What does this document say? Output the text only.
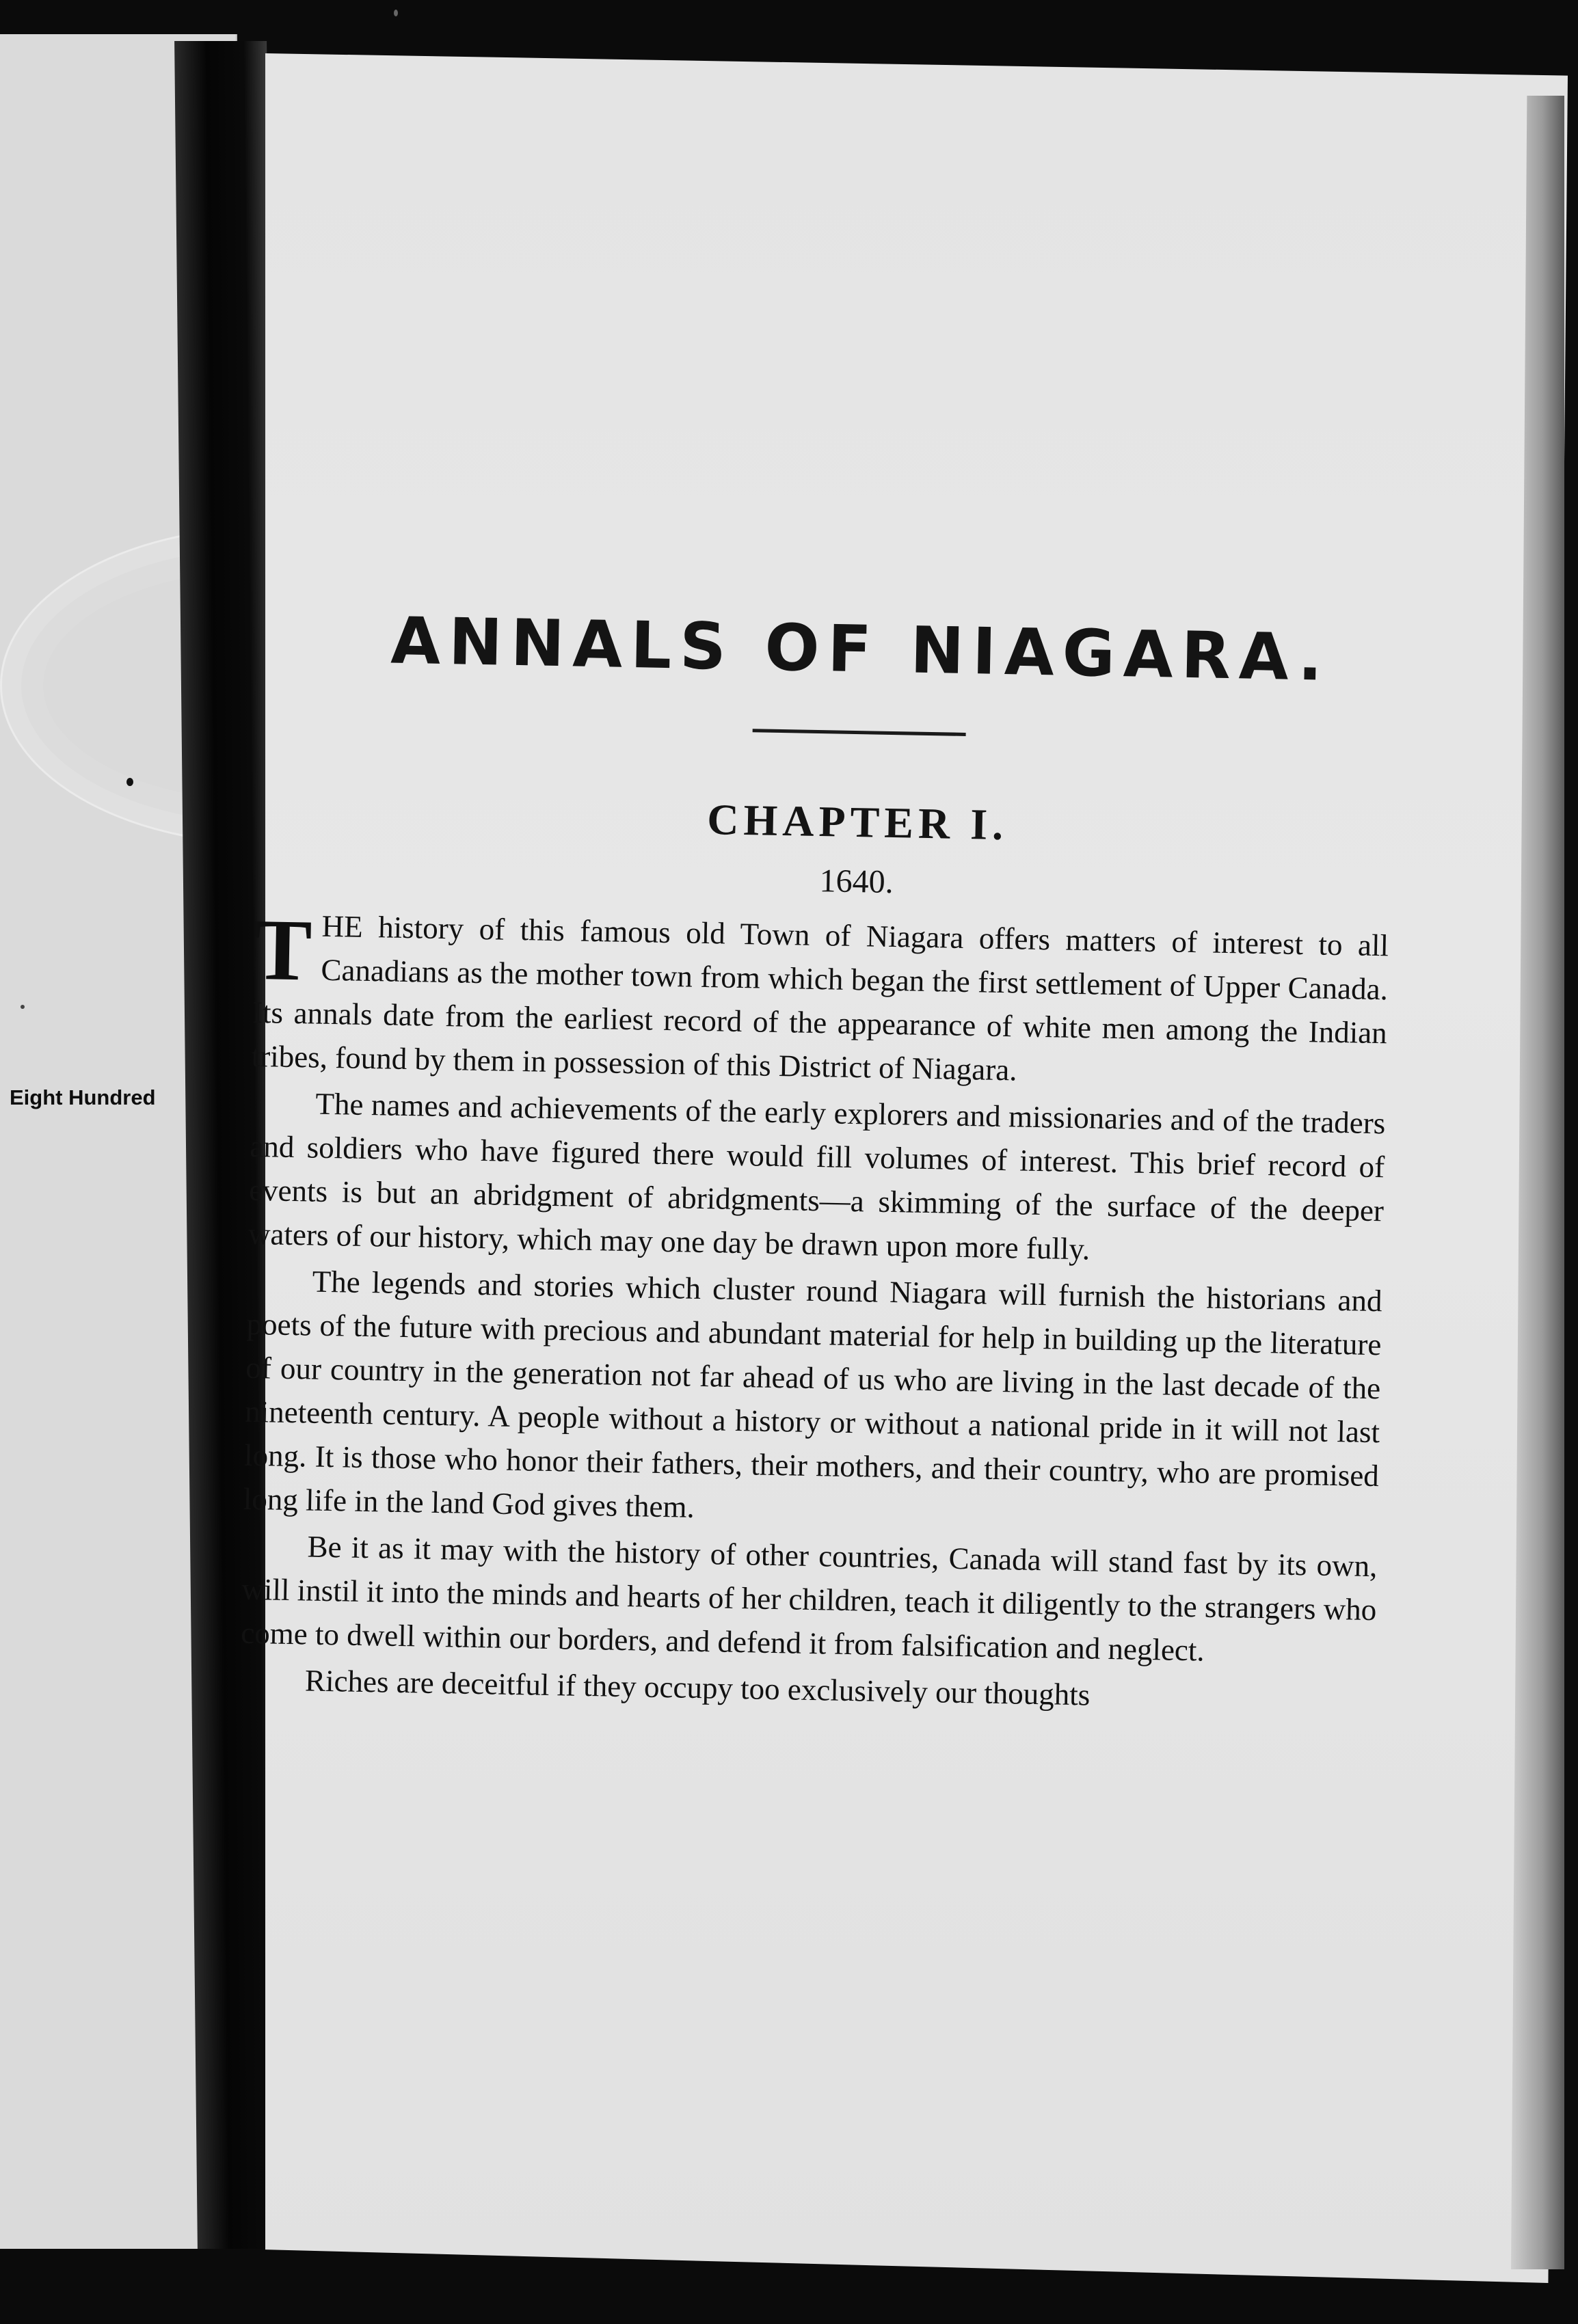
Eight Hundred
ANNALS OF NIAGARA.
CHAPTER I.
1640.

THE history of this famous old Town of Niagara offers matters of interest to all Canadians as the mother town from which began the first settlement of Upper Canada. Its annals date from the earliest record of the appearance of white men among the Indian tribes, found by them in possession of this District of Niagara.

The names and achievements of the early explorers and missionaries and of the traders and soldiers who have figured there would fill volumes of interest. This brief record of events is but an abridgment of abridgments—a skimming of the surface of the deeper waters of our history, which may one day be drawn upon more fully.

The legends and stories which cluster round Niagara will furnish the historians and poets of the future with precious and abundant material for help in building up the literature of our country in the generation not far ahead of us who are living in the last decade of the nineteenth century. A people without a history or without a national pride in it will not last long. It is those who honor their fathers, their mothers, and their country, who are promised long life in the land God gives them.

Be it as it may with the history of other countries, Canada will stand fast by its own, will instil it into the minds and hearts of her children, teach it diligently to the strangers who come to dwell within our borders, and defend it from falsification and neglect.

Riches are deceitful if they occupy too exclusively our thoughts
